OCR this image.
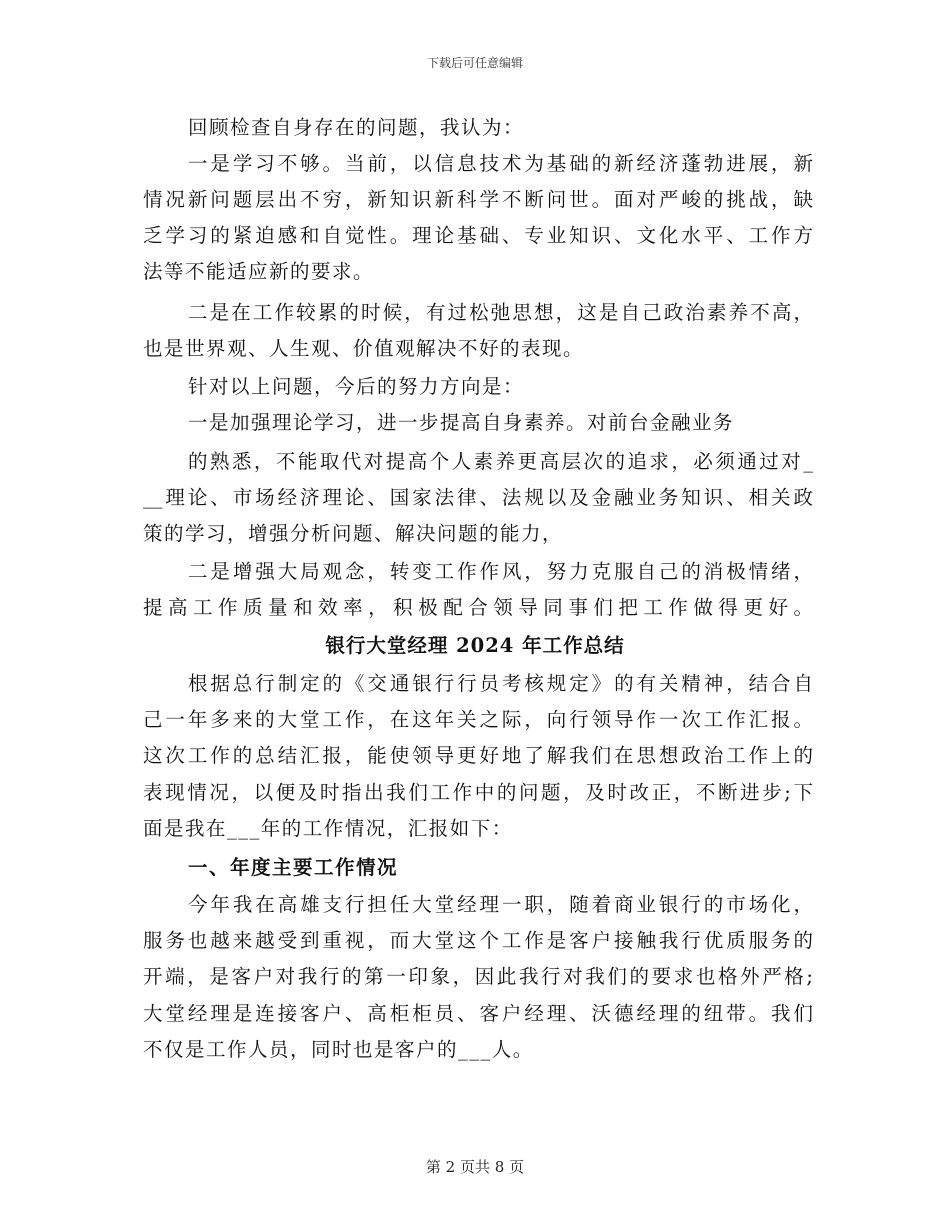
下载后可任意编辑
回顾检查自身存在的问题，我认为：
一是学习不够。当前，以信息技术为基础的新经济蓬勃进展，新
情况新问题层出不穷，新知识新科学不断问世。面对严峻的挑战，缺
乏学习的紧迫感和自觉性。理论基础、专业知识、文化水平、工作方
法等不能适应新的要求。
二是在工作较累的时候，有过松弛思想，这是自己政治素养不高，
也是世界观、人生观、价值观解决不好的表现。
针对以上问题，今后的努力方向是：
一是加强理论学习，进一步提高自身素养。对前台金融业务
的熟悉，不能取代对提高个人素养更高层次的追求，必须通过对_
__理论、市场经济理论、国家法律、法规以及金融业务知识、相关政
策的学习，增强分析问题、解决问题的能力，
二是增强大局观念，转变工作作风，努力克服自己的消极情绪，
提高工作质量和效率，积极配合领导同事们把工作做得更好。
银行大堂经理 2024 年工作总结
根据总行制定的《交通银行行员考核规定》的有关精神，结合自
己一年多来的大堂工作，在这年关之际，向行领导作一次工作汇报。
这次工作的总结汇报，能使领导更好地了解我们在思想政治工作上的
表现情况，以便及时指出我们工作中的问题，及时改正，不断进步;下
面是我在___年的工作情况，汇报如下：
一、年度主要工作情况
今年我在高雄支行担任大堂经理一职，随着商业银行的市场化，
服务也越来越受到重视，而大堂这个工作是客户接触我行优质服务的
开端，是客户对我行的第一印象，因此我行对我们的要求也格外严格;
大堂经理是连接客户、高柜柜员、客户经理、沃德经理的纽带。我们
不仅是工作人员，同时也是客户的___人。
第 2 页共 8 页
